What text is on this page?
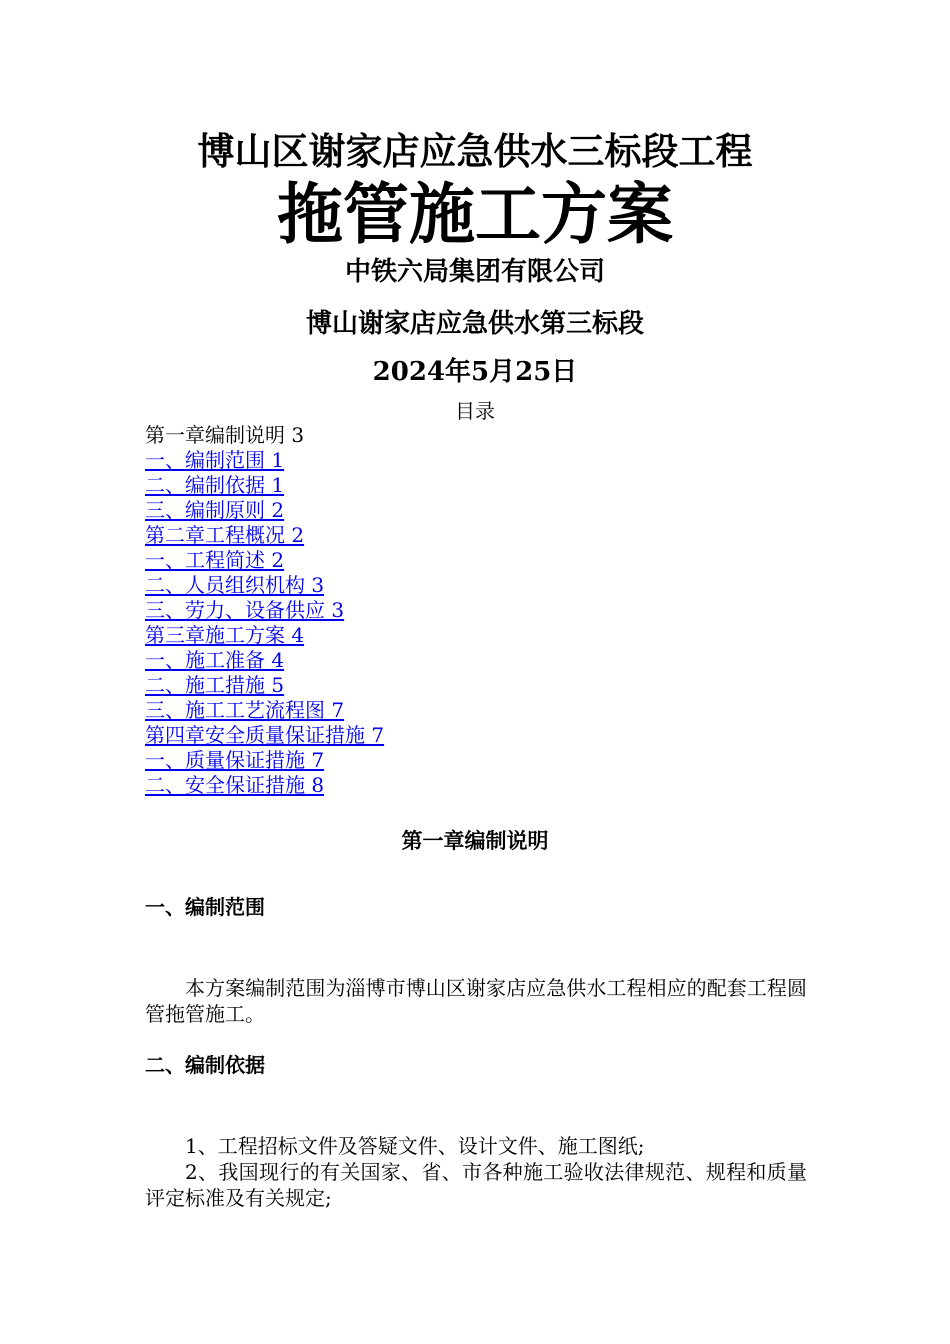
博山区谢家店应急供水三标段工程
拖管施工方案
中铁六局集团有限公司
博山谢家店应急供水第三标段
2024年5月25日
目录
第一章编制说明 3
一、编制范围 1
二、编制依据 1
三、编制原则 2
第二章工程概况 2
一、工程简述 2
二、人员组织机构 3
三、劳力、设备供应 3
第三章施工方案 4
一、施工准备 4
二、施工措施 5
三、施工工艺流程图 7
第四章安全质量保证措施 7
一、质量保证措施 7
二、安全保证措施 8
第一章编制说明
一、编制范围

本方案编制范围为淄博市博山区谢家店应急供水工程相应的配套工程圆管拖管施工。

二、编制依据

1、工程招标文件及答疑文件、设计文件、施工图纸;

2、我国现行的有关国家、省、市各种施工验收法律规范、规程和质量评定标准及有关规定;
